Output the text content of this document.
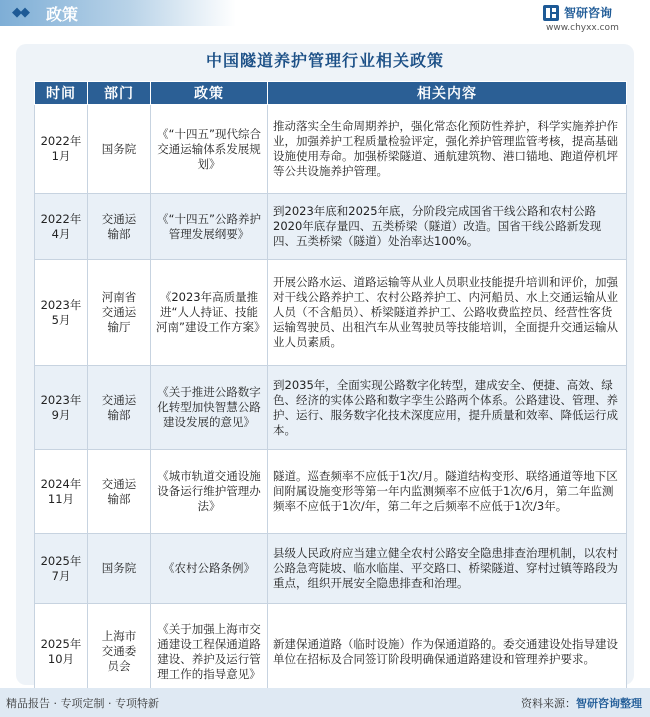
◆◆ 政策	智研咨询
www.chyxx.com
中国隧道养护管理行业相关政策
时间	部门	政策	相关内容
2022年
1月	国务院	《“十四五”现代综合交通运输体系发展规划》	推动落实全生命周期养护，强化常态化预防性养护，科学实施养护作业，加强养护工程质量检验评定，强化养护管理监管考核，提高基础设施使用寿命。加强桥梁隧道、通航建筑物、港口锚地、跑道停机坪等公共设施养护管理。
2022年
4月	交通运
输部	《“十四五”公路养护管理发展纲要》	到2023年底和2025年底，分阶段完成国省干线公路和农村公路2020年底存量四、五类桥梁（隧道）改造。国省干线公路新发现四、五类桥梁（隧道）处治率达100%。
2023年
5月	河南省
交通运
输厅	《2023年高质量推进“人人持证、技能河南”建设工作方案》	开展公路水运、道路运输等从业人员职业技能提升培训和评价，加强对干线公路养护工、农村公路养护工、内河船员、水上交通运输从业人员（不含船员）、桥梁隧道养护工、公路收费监控员、经营性客货运输驾驶员、出租汽车从业驾驶员等技能培训，全面提升交通运输从业人员素质。
2023年
9月	交通运
输部	《关于推进公路数字化转型加快智慧公路建设发展的意见》	到2035年，全面实现公路数字化转型，建成安全、便捷、高效、绿色、经济的实体公路和数字孪生公路两个体系。公路建设、管理、养护、运行、服务数字化技术深度应用，提升质量和效率、降低运行成本。
2024年
11月	交通运
输部	《城市轨道交通设施设备运行维护管理办法》	隧道。巡查频率不应低于1次/月。隧道结构变形、联络通道等地下区间附属设施变形等第一年内监测频率不应低于1次/6月，第二年监测频率不应低于1次/年，第二年之后频率不应低于1次/3年。
2025年
7月	国务院	《农村公路条例》	县级人民政府应当建立健全农村公路安全隐患排查治理机制，以农村公路急弯陡坡、临水临崖、平交路口、桥梁隧道、穿村过镇等路段为重点，组织开展安全隐患排查和治理。
2025年
10月	上海市
交通委
员会	《关于加强上海市交通建设工程保通道路建设、养护及运行管理工作的指导意见》	新建保通道路（临时设施）作为保通道路的。委交通建设处指导建设单位在招标及合同签订阶段明确保通道路建设和管理养护要求。
精品报告 · 专项定制 · 专项特新	资料来源：智研咨询整理
